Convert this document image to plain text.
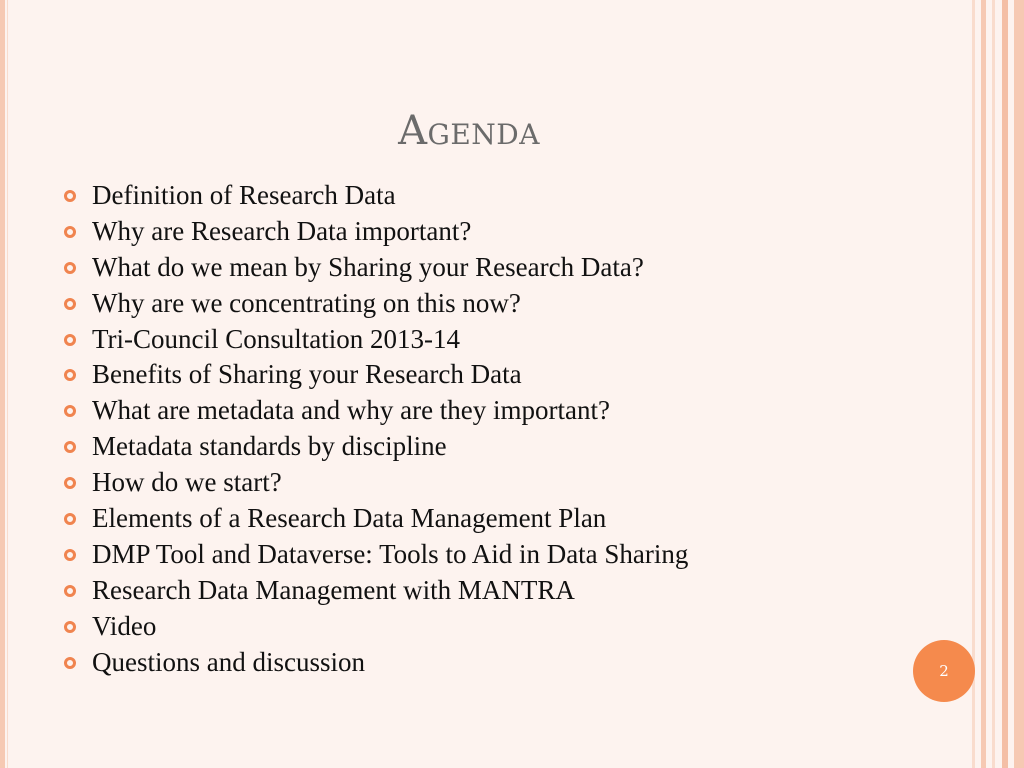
Agenda
Definition of Research Data
Why are Research Data important?
What do we mean by Sharing your Research Data?
Why are we concentrating on this now?
Tri-Council Consultation 2013-14
Benefits of Sharing your Research Data
What are metadata and why are they important?
Metadata standards by discipline
How do we start?
Elements of a Research Data Management Plan
DMP Tool and Dataverse: Tools to Aid in Data Sharing
Research Data Management with MANTRA
Video
Questions and discussion	2
